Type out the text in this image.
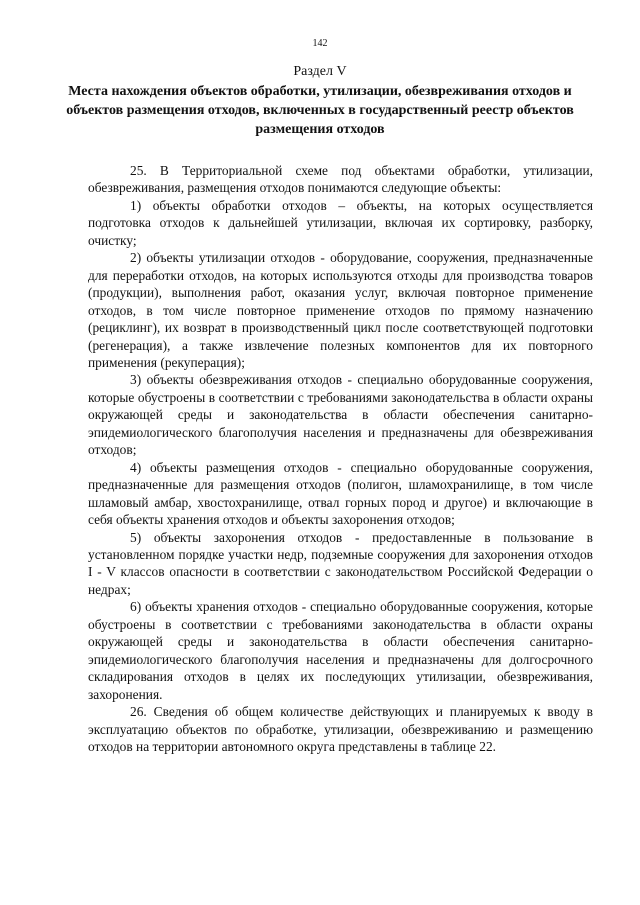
142
Раздел V
Места нахождения объектов обработки, утилизации, обезвреживания отходов и объектов размещения отходов, включенных в государственный реестр объектов размещения отходов

25. В Территориальной схеме под объектами обработки, утилизации, обезвреживания, размещения отходов понимаются следующие объекты:

1) объекты обработки отходов – объекты, на которых осуществляется подготовка отходов к дальнейшей утилизации, включая их сортировку, разборку, очистку;

2) объекты утилизации отходов - оборудование, сооружения, предназначенные для переработки отходов, на которых используются отходы для производства товаров (продукции), выполнения работ, оказания услуг, включая повторное применение отходов, в том числе повторное применение отходов по прямому назначению (рециклинг), их возврат в производственный цикл после соответствующей подготовки (регенерация), а также извлечение полезных компонентов для их повторного применения (рекуперация);

3) объекты обезвреживания отходов - специально оборудованные сооружения, которые обустроены в соответствии с требованиями законодательства в области охраны окружающей среды и законодательства в области обеспечения санитарно-эпидемиологического благополучия населения и предназначены для обезвреживания отходов;

4) объекты размещения отходов - специально оборудованные сооружения, предназначенные для размещения отходов (полигон, шламохранилище, в том числе шламовый амбар, хвостохранилище, отвал горных пород и другое) и включающие в себя объекты хранения отходов и объекты захоронения отходов;

5) объекты захоронения отходов - предоставленные в пользование в установленном порядке участки недр, подземные сооружения для захоронения отходов I - V классов опасности в соответствии с законодательством Российской Федерации о недрах;

6) объекты хранения отходов - специально оборудованные сооружения, которые обустроены в соответствии с требованиями законодательства в области охраны окружающей среды и законодательства в области обеспечения санитарно-эпидемиологического благополучия населения и предназначены для долгосрочного складирования отходов в целях их последующих утилизации, обезвреживания, захоронения.

26. Сведения об общем количестве действующих и планируемых к вводу в эксплуатацию объектов по обработке, утилизации, обезвреживанию и размещению отходов на территории автономного округа представлены в таблице 22.
